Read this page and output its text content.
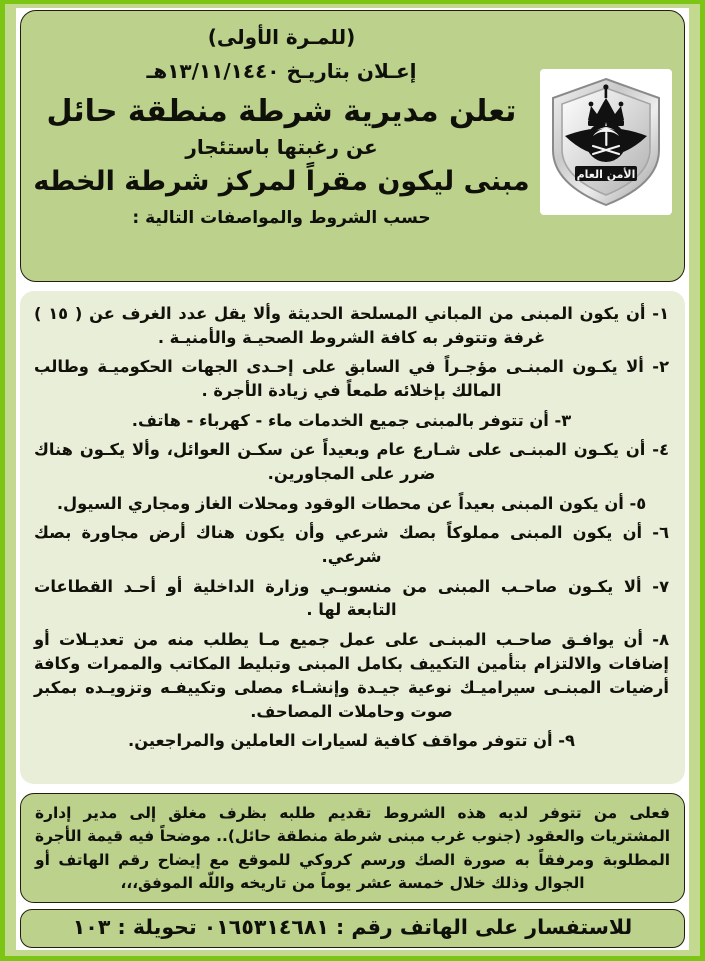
الأمن العام
(للمـرة الأولى)
إعـلان بتاريـخ ١٣/١١/١٤٤٠هـ
تعلن مديرية شرطة منطقة حائل
عن رغبتها باستئجار
مبنى ليكون مقراً لمركز شرطة الخطه
حسب الشروط والمواصفات التالية :
١- أن يكون المبنى من المباني المسلحة الحديثة وألا يقل عدد الغرف عن ( ١٥ ) غرفة وتتوفر به كافة الشروط الصحيـة والأمنيـة .
٢- ألا يكـون المبنـى مؤجـراً في السابق على إحـدى الجهات الحكوميـة وطالب المالك بإخلائه طمعاً في زيادة الأجرة .
٣- أن تتوفر بالمبنى جميع الخدمات ماء - كهرباء - هاتف.
٤- أن يكـون المبنـى على شـارع عام وبعيداً عن سكـن العوائل، وألا يكـون هناك ضرر على المجاورين.
٥- أن يكون المبنى بعيداً عن محطات الوقود ومحلات الغاز ومجاري السيول.
٦- أن يكون المبنى مملوكاً بصك شرعي وأن يكون هناك أرض مجاورة بصك شرعي.
٧- ألا يكـون صاحـب المبنى من منسوبـي وزارة الداخلية أو أحـد القطاعات التابعة لها .
٨- أن يوافـق صاحـب المبنـى على عمل جميع مـا يطلب منه من تعديـلات أو إضافات والالتزام بتأمين التكييف بكامل المبنى وتبليط المكاتب والممرات وكافة أرضيات المبنـى سيراميـك نوعية جيـدة وإنشـاء مصلى وتكييفـه وتزويـده بمكبر صوت وحاملات المصاحف.
٩- أن تتوفر مواقف كافية لسيارات العاملين والمراجعين.
فعلى من تتوفر لديه هذه الشروط تقديم طلبه بظرف مغلق إلى مدير إدارة المشتريات والعقود (جنوب غرب مبنى شرطة منطقة حائل).. موضحاً فيه قيمة الأجرة المطلوبة ومرفقاً به صورة الصك ورسم كروكي للموقع مع إيضاح رقم الهاتف أو الجوال وذلك خلال خمسة عشر يوماً من تاريخه واللّه الموفق،،،
للاستفسار على الهاتف رقم : ٠١٦٥٣١٤٦٨١ تحويلة : ١٠٣
